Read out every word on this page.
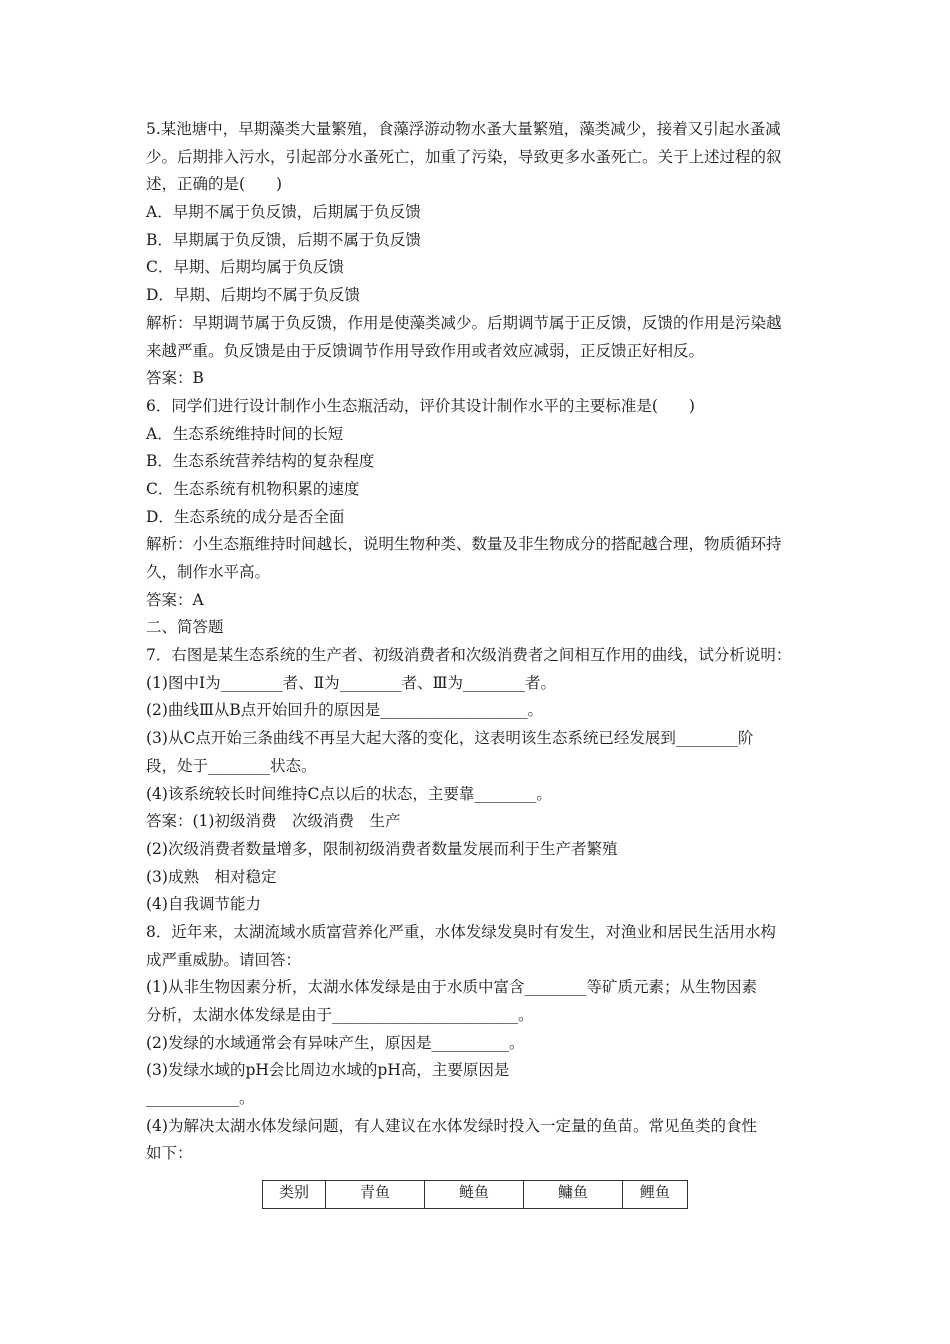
5.某池塘中，早期藻类大量繁殖，食藻浮游动物水蚤大量繁殖，藻类减少，接着又引起水蚤减
少。后期排入污水，引起部分水蚤死亡，加重了污染，导致更多水蚤死亡。关于上述过程的叙
述，正确的是(　　)
A．早期不属于负反馈，后期属于负反馈
B．早期属于负反馈，后期不属于负反馈
C．早期、后期均属于负反馈
D．早期、后期均不属于负反馈
解析：早期调节属于负反馈，作用是使藻类减少。后期调节属于正反馈，反馈的作用是污染越
来越严重。负反馈是由于反馈调节作用导致作用或者效应减弱，正反馈正好相反。
答案：B
6．同学们进行设计制作小生态瓶活动，评价其设计制作水平的主要标准是(　　)
A．生态系统维持时间的长短
B．生态系统营养结构的复杂程度
C．生态系统有机物积累的速度
D．生态系统的成分是否全面
解析：小生态瓶维持时间越长，说明生物种类、数量及非生物成分的搭配越合理，物质循环持
久，制作水平高。
答案：A
二、简答题
7．右图是某生态系统的生产者、初级消费者和次级消费者之间相互作用的曲线，试分析说明：
(1)图中Ⅰ为________者、Ⅱ为________者、Ⅲ为________者。
(2)曲线Ⅲ从B点开始回升的原因是___________________。
(3)从C点开始三条曲线不再呈大起大落的变化，这表明该生态系统已经发展到________阶
段，处于________状态。
(4)该系统较长时间维持C点以后的状态，主要靠________。
答案：(1)初级消费　次级消费　生产
(2)次级消费者数量增多，限制初级消费者数量发展而利于生产者繁殖
(3)成熟　相对稳定
(4)自我调节能力
8．近年来，太湖流域水质富营养化严重，水体发绿发臭时有发生，对渔业和居民生活用水构
成严重威胁。请回答：
(1)从非生物因素分析，太湖水体发绿是由于水质中富含________等矿质元素；从生物因素
分析，太湖水体发绿是由于________________________。
(2)发绿的水域通常会有异味产生，原因是__________。
(3)发绿水域的pH会比周边水域的pH高，主要原因是
____________。
(4)为解决太湖水体发绿问题，有人建议在水体发绿时投入一定量的鱼苗。常见鱼类的食性
如下：
类别	青鱼	鲢鱼	鳙鱼	鲤鱼
